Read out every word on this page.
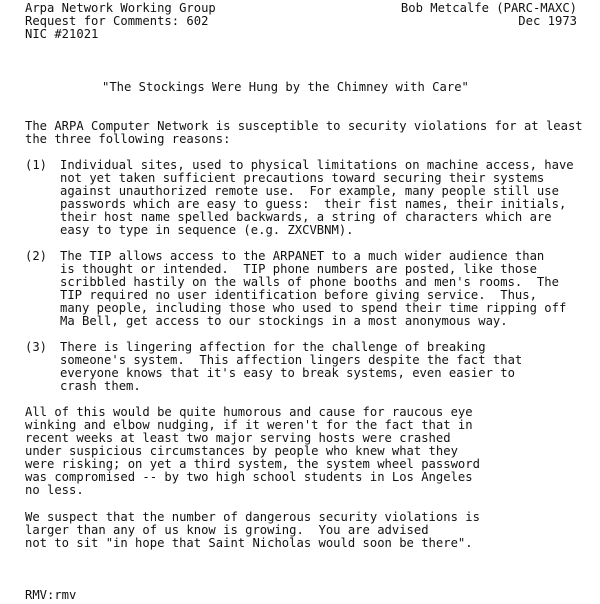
Arpa Network Working Group	Bob Metcalfe (PARC-MAXC)
Request for Comments: 602	Dec 1973
NIC #21021
"The Stockings Were Hung by the Chimney with Care"
The ARPA Computer Network is susceptible to security violations for at least
the three following reasons:
(1) Individual sites, used to physical limitations on machine access, have
not yet taken sufficient precautions toward securing their systems
against unauthorized remote use.  For example, many people still use
passwords which are easy to guess:  their fist names, their initials,
their host name spelled backwards, a string of characters which are
easy to type in sequence (e.g. ZXCVBNM).
(2) The TIP allows access to the ARPANET to a much wider audience than
is thought or intended.  TIP phone numbers are posted, like those
scribbled hastily on the walls of phone booths and men's rooms.  The
TIP required no user identification before giving service.  Thus,
many people, including those who used to spend their time ripping off
Ma Bell, get access to our stockings in a most anonymous way.
(3) There is lingering affection for the challenge of breaking
someone's system.  This affection lingers despite the fact that
everyone knows that it's easy to break systems, even easier to
crash them.
All of this would be quite humorous and cause for raucous eye
winking and elbow nudging, if it weren't for the fact that in
recent weeks at least two major serving hosts were crashed
under suspicious circumstances by people who knew what they
were risking; on yet a third system, the system wheel password
was compromised -- by two high school students in Los Angeles
no less.
We suspect that the number of dangerous security violations is
larger than any of us know is growing.  You are advised
not to sit "in hope that Saint Nicholas would soon be there".
RMV:rmv
